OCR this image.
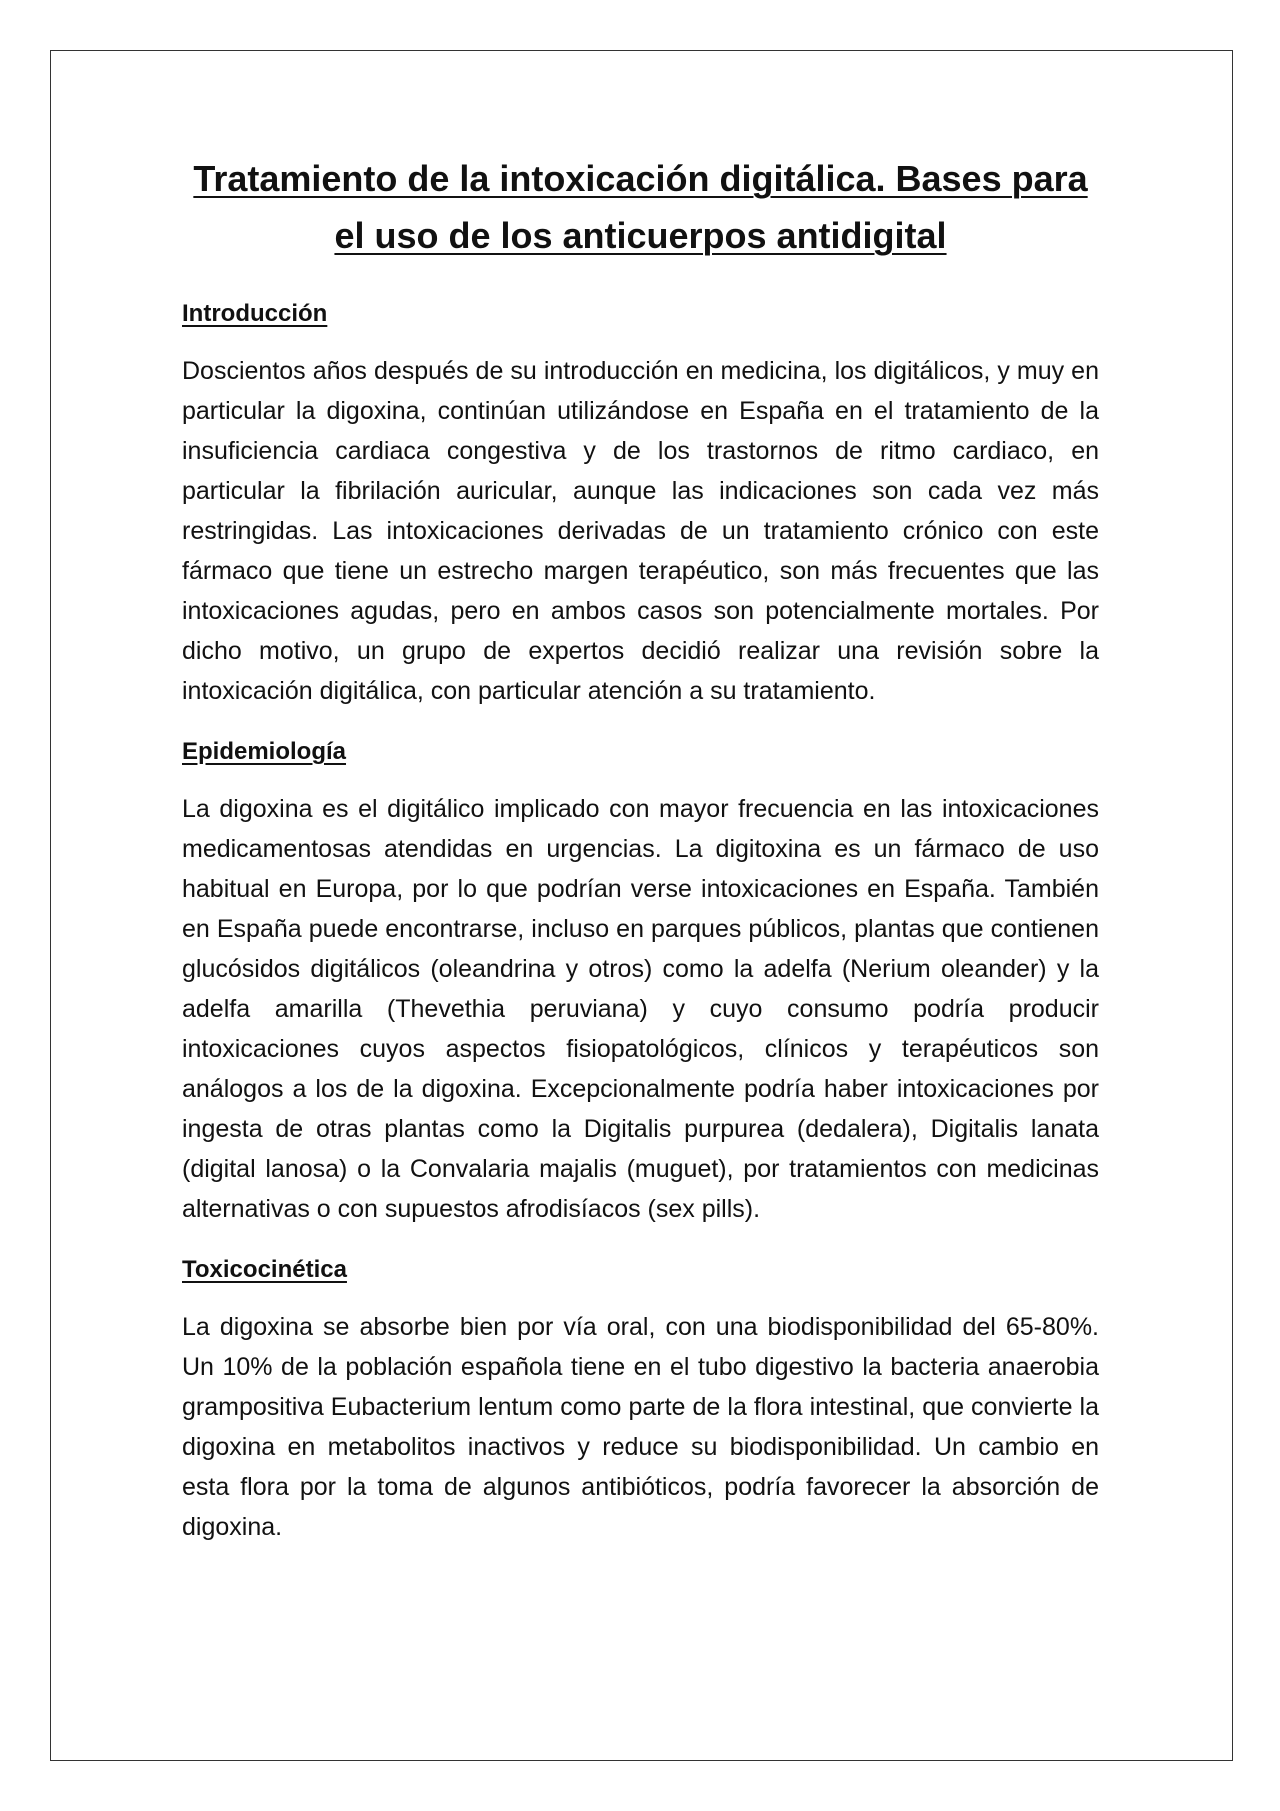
Tratamiento de la intoxicación digitálica. Bases para el uso de los anticuerpos antidigital
Introducción

Doscientos años después de su introducción en medicina, los digitálicos, y muy en particular la digoxina, continúan utilizándose en España en el tratamiento de la insuficiencia cardiaca congestiva y de los trastornos de ritmo cardiaco, en particular la fibrilación auricular, aunque las indicaciones son cada vez más restringidas. Las intoxicaciones derivadas de un tratamiento crónico con este fármaco que tiene un estrecho margen terapéutico, son más frecuentes que las intoxicaciones agudas, pero en ambos casos son potencialmente mortales. Por dicho motivo, un grupo de expertos decidió realizar una revisión sobre la intoxicación digitálica, con particular atención a su tratamiento.

Epidemiología

La digoxina es el digitálico implicado con mayor frecuencia en las intoxicaciones medicamentosas atendidas en urgencias. La digitoxina es un fármaco de uso habitual en Europa, por lo que podrían verse intoxicaciones en España. También en España puede encontrarse, incluso en parques públicos, plantas que contienen glucósidos digitálicos (oleandrina y otros) como la adelfa (Nerium oleander) y la adelfa amarilla (Thevethia peruviana) y cuyo consumo podría producir intoxicaciones cuyos aspectos fisiopatológicos, clínicos y terapéuticos son análogos a los de la digoxina. Excepcionalmente podría haber intoxicaciones por ingesta de otras plantas como la Digitalis purpurea (dedalera), Digitalis lanata (digital lanosa) o la Convalaria majalis (muguet), por tratamientos con medicinas alternativas o con supuestos afrodisíacos (sex pills).

Toxicocinética

La digoxina se absorbe bien por vía oral, con una biodisponibilidad del 65-80%. Un 10% de la población española tiene en el tubo digestivo la bacteria anaerobia grampositiva Eubacterium lentum como parte de la flora intestinal, que convierte la digoxina en metabolitos inactivos y reduce su biodisponibilidad. Un cambio en esta flora por la toma de algunos antibióticos, podría favorecer la absorción de digoxina.
